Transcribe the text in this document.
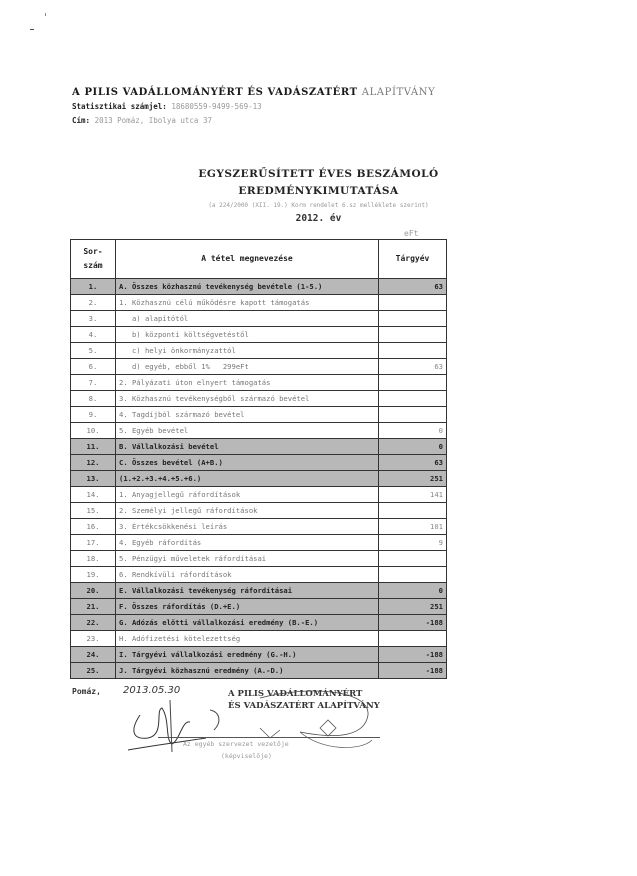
A PILIS VADÁLLOMÁNYÉRT ÉS VADÁSZATÉRT ALAPÍTVÁNY
Statisztikai számjel: 18680559-9499-569-13
Cím: 2013 Pomáz, Ibolya utca 37
EGYSZERŰSÍTETT ÉVES BESZÁMOLÓ
EREDMÉNYKIMUTATÁSA
(a 224/2000 (XII. 19.) Korm rendelet 6.sz melléklete szerint)
2012. év
eFt
Sor-
szám	A tétel megnevezése	Tárgyév
1.	A. Összes közhasznú tevékenység bevétele (1-5.)	63
2.	1. Közhasznú célú működésre kapott támogatás	
3.	a) alapítótól	
4.	b) központi költségvetéstől	
5.	c) helyi önkormányzattól	
6.	d) egyéb, ebből 1%   299eFt	63
7.	2. Pályázati úton elnyert támogatás	
8.	3. Közhasznú tevékenységből származó bevétel	
9.	4. Tagdíjból származó bevétel	
10.	5. Egyéb bevétel	0
11.	B. Vállalkozási bevétel	0
12.	C. Összes bevétel (A+B.)	63
13.	(1.+2.+3.+4.+5.+6.)	251
14.	1. Anyagjellegű ráfordítások	141
15.	2. Személyi jellegű ráfordítások	
16.	3. Értékcsökkenési leírás	101
17.	4. Egyéb ráfordítás	9
18.	5. Pénzügyi műveletek ráfordításai	
19.	6. Rendkívüli ráfordítások	
20.	E. Vállalkozási tevékenység ráfordításai	0
21.	F. Összes ráfordítás (D.+E.)	251
22.	G. Adózás előtti vállalkozási eredmény (B.-E.)	-188
23.	H. Adófizetési kötelezettség	
24.	I. Tárgyévi vállalkozási eredmény (G.-H.)	-188
25.	J. Tárgyévi közhasznú eredmény (A.-D.)	-188
Pomáz, 2013.05.30	A PILIS VADÁLLOMÁNYÉRT
ÉS VADÁSZATÉRT ALAPÍTVÁNY
Az egyéb szervezet vezetője
(képviselője)
